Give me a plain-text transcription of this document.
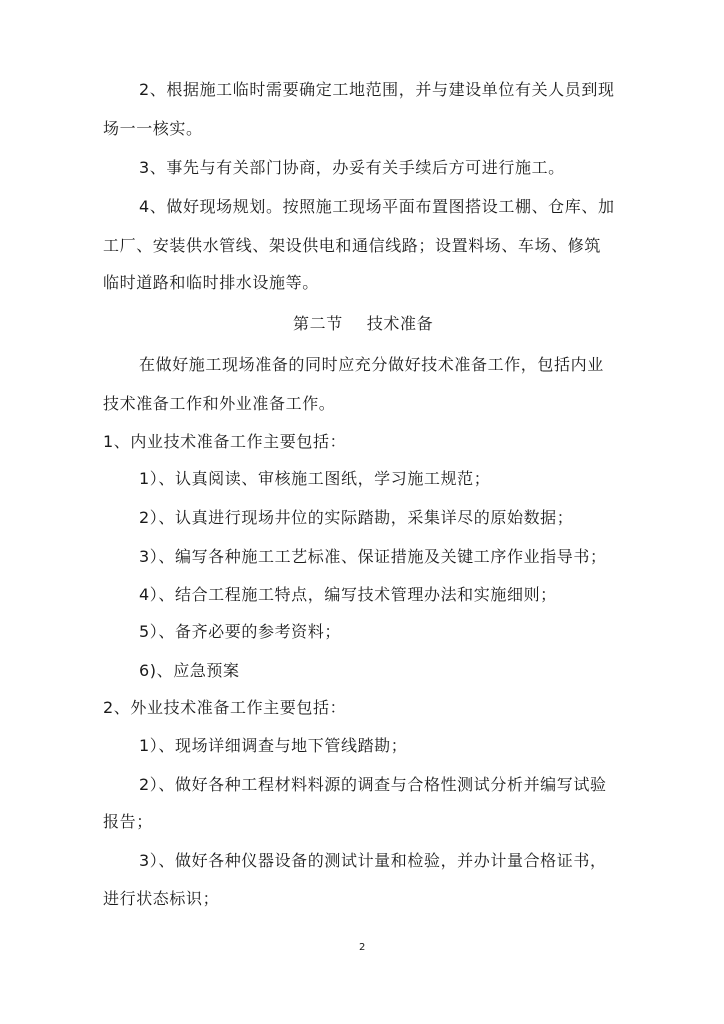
2、根据施工临时需要确定工地范围，并与建设单位有关人员到现
场一一核实。
3、事先与有关部门协商，办妥有关手续后方可进行施工。
4、做好现场规划。按照施工现场平面布置图搭设工棚、仓库、加
工厂、安装供水管线、架设供电和通信线路；设置料场、车场、修筑
临时道路和临时排水设施等。
第二节 技术准备
在做好施工现场准备的同时应充分做好技术准备工作，包括内业
技术准备工作和外业准备工作。
1、内业技术准备工作主要包括：
1）、认真阅读、审核施工图纸，学习施工规范；
2）、认真进行现场井位的实际踏勘，采集详尽的原始数据；
3）、编写各种施工工艺标准、保证措施及关键工序作业指导书；
4）、结合工程施工特点，编写技术管理办法和实施细则；
5）、备齐必要的参考资料；
6)、应急预案
2、外业技术准备工作主要包括：
1）、现场详细调查与地下管线踏勘；
2）、做好各种工程材料料源的调查与合格性测试分析并编写试验
报告；
3）、做好各种仪器设备的测试计量和检验，并办计量合格证书，
进行状态标识；
2
